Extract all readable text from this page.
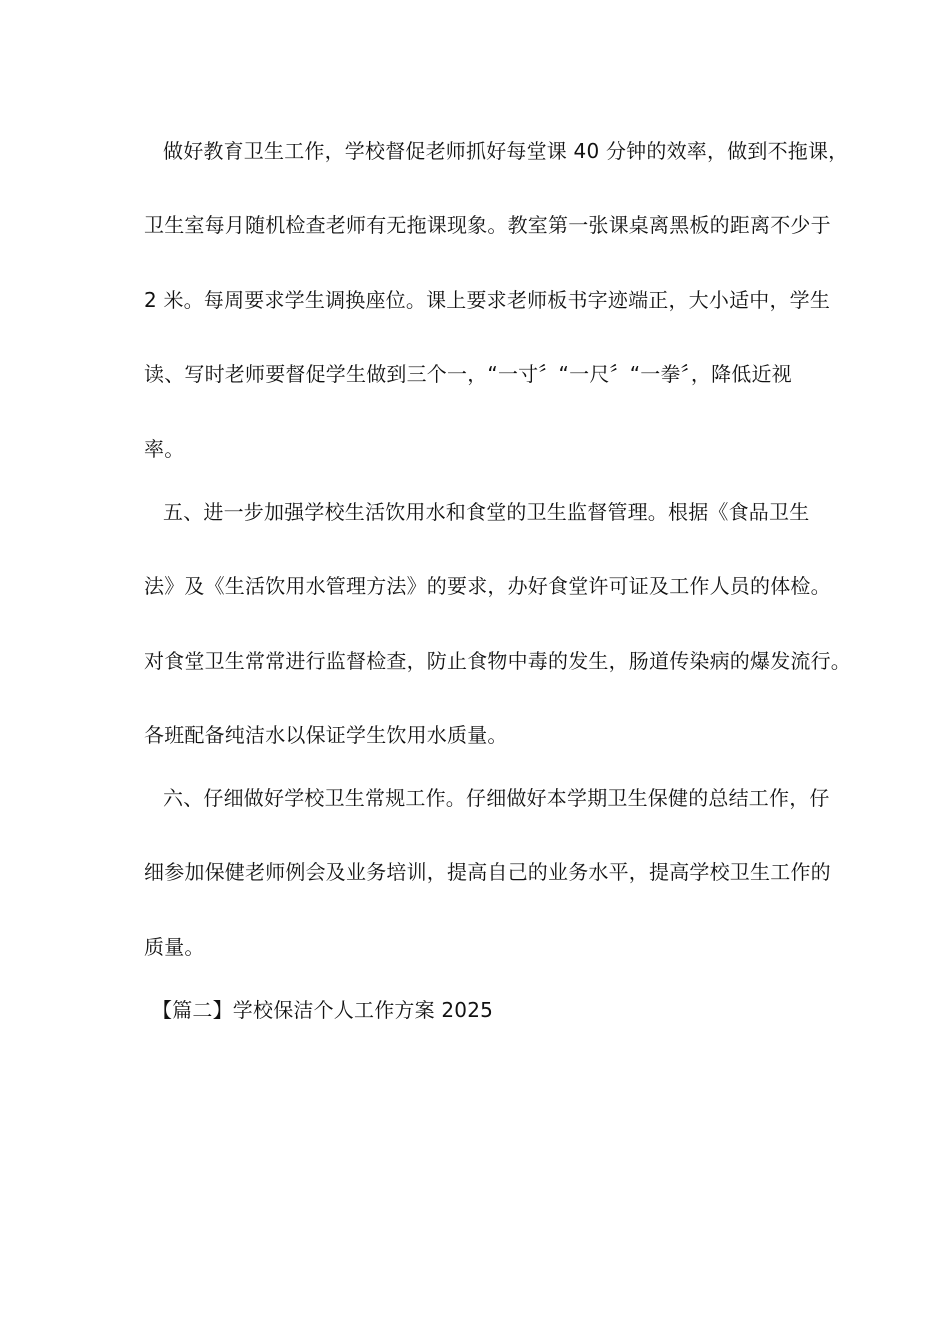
做好教育卫生工作，学校督促老师抓好每堂课 40 分钟的效率，做到不拖课，
卫生室每月随机检查老师有无拖课现象。教室第一张课桌离黑板的距离不少于
2 米。每周要求学生调换座位。课上要求老师板书字迹端正，大小适中，学生
读、写时老师要督促学生做到三个一，“一寸〞“一尺〞“一拳〞，降低近视
率。
五、进一步加强学校生活饮用水和食堂的卫生监督管理。根据《食品卫生
法》及《生活饮用水管理方法》的要求，办好食堂许可证及工作人员的体检。
对食堂卫生常常进行监督检查，防止食物中毒的发生，肠道传染病的爆发流行。
各班配备纯洁水以保证学生饮用水质量。
六、仔细做好学校卫生常规工作。仔细做好本学期卫生保健的总结工作，仔
细参加保健老师例会及业务培训，提高自己的业务水平，提高学校卫生工作的
质量。
【篇二】学校保洁个人工作方案 2025
